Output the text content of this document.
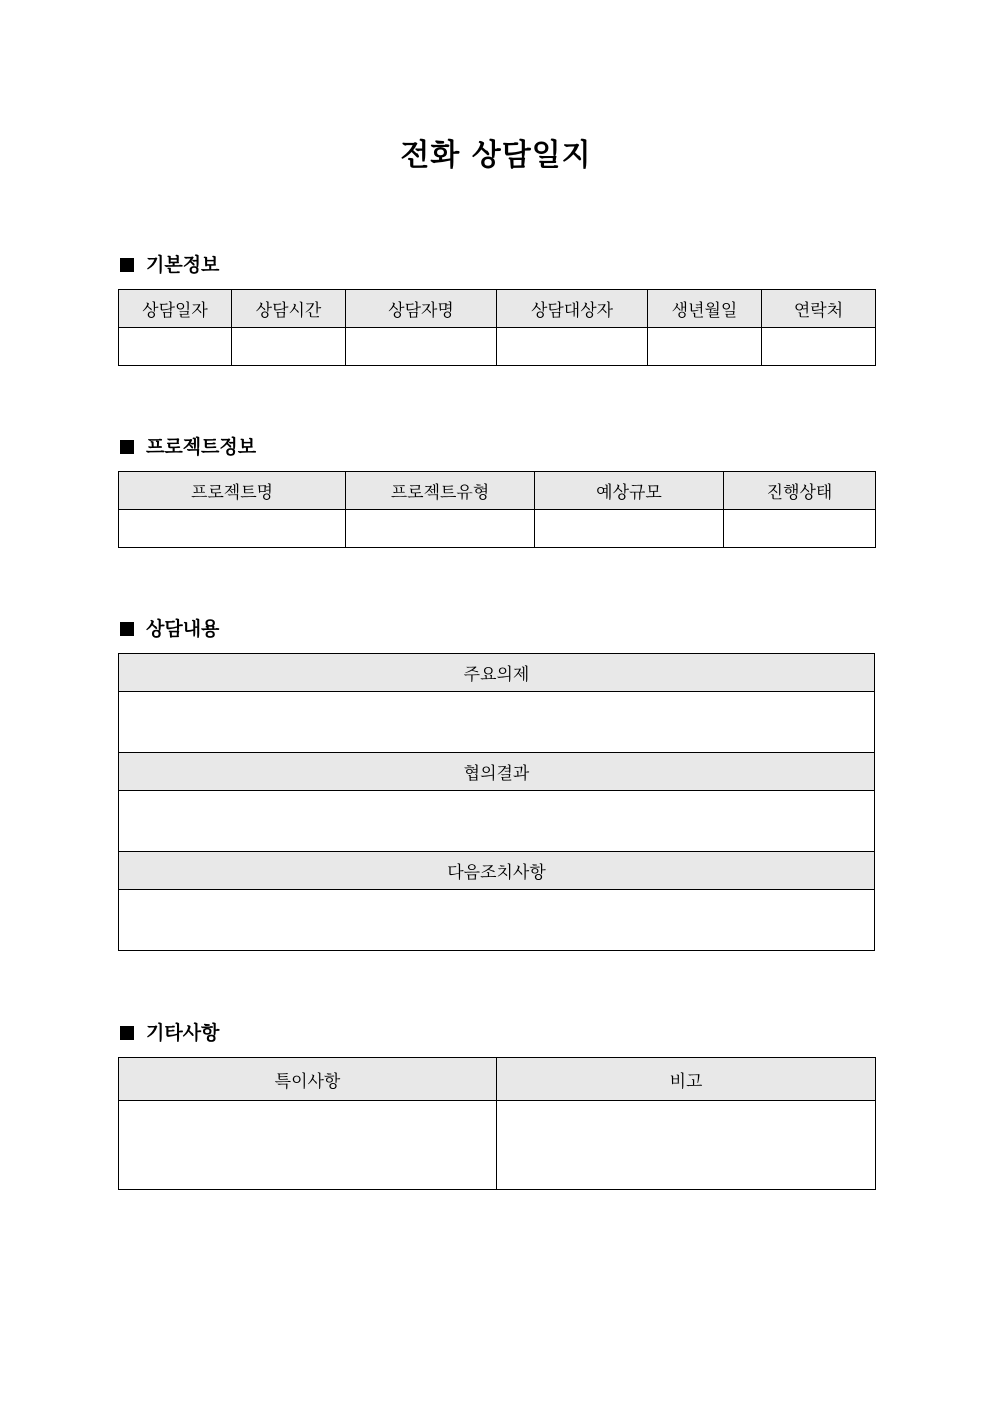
전화 상담일지
기본정보
상담일자	상담시간	상담자명	상담대상자	생년월일	연락처

프로젝트정보
프로젝트명	프로젝트유형	예상규모	진행상태

상담내용
주요의제

협의결과

다음조치사항

기타사항
특이사항	비고
